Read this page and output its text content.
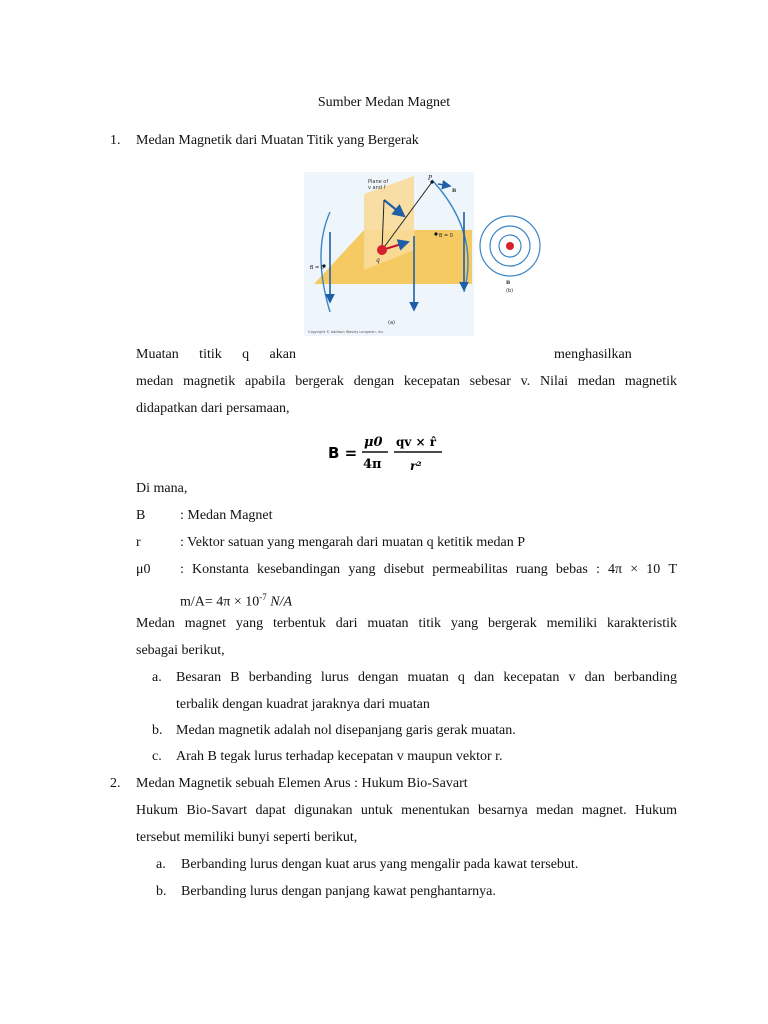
Sumber Medan Magnet
1. Medan Magnetik dari Muatan Titik yang Bergerak
Plane of
v and r̂
B = 0
B = 0
P
q
B
(a)
Copyright © Addison Wesley Longman, Inc.
B
(b)
Muatan titik q akan	menghasilkan
medan magnetik apabila bergerak dengan kecepatan sebesar v. Nilai medan magnetik
didapatkan dari persamaan,
B =
μ0
4π
qv × r̂
r²
Di mana,
B : Medan Magnet
r	: Vektor satuan yang mengarah dari muatan q ketitik medan P
μ0 : Konstanta kesebandingan yang disebut permeabilitas ruang bebas : 4π × 10 T
$m/A= 4\pi \times 10^{-7}$ N/A
Medan magnet yang terbentuk dari muatan titik yang bergerak memiliki karakteristik
sebagai berikut,
a. Besaran B berbanding lurus dengan muatan q dan kecepatan v dan berbanding
terbalik dengan kuadrat jaraknya dari muatan
b. Medan magnetik adalah nol disepanjang garis gerak muatan.
c. Arah B tegak lurus terhadap kecepatan v maupun vektor r.
2. Medan Magnetik sebuah Elemen Arus : Hukum Bio-Savart
Hukum Bio-Savart dapat digunakan untuk menentukan besarnya medan magnet. Hukum
tersebut memiliki bunyi seperti berikut,
a. Berbanding lurus dengan kuat arus yang mengalir pada kawat tersebut.
b. Berbanding lurus dengan panjang kawat penghantarnya.
